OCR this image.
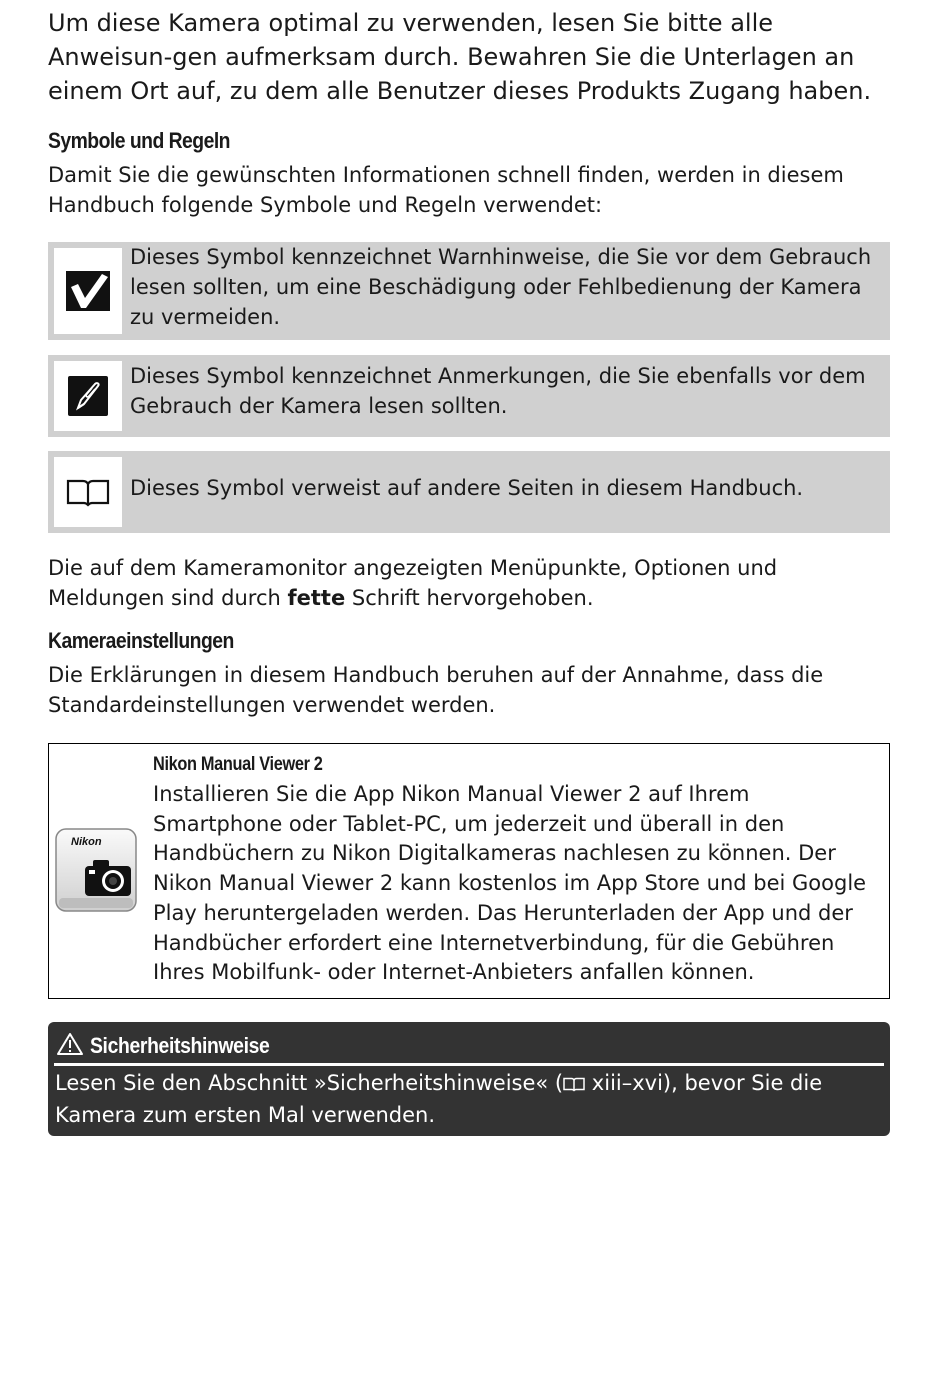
Um diese Kamera optimal zu verwenden, lesen Sie bitte alle Anweisun-gen aufmerksam durch. Bewahren Sie die Unterlagen an einem Ort auf, zu dem alle Benutzer dieses Produkts Zugang haben.

Symbole und Regeln

Damit Sie die gewünschten Informationen schnell finden, werden in diesem Handbuch folgende Symbole und Regeln verwendet:

Dieses Symbol kennzeichnet Warnhinweise, die Sie vor dem Gebrauch lesen sollten, um eine Beschädigung oder Fehlbedienung der Kamera zu vermeiden.

Dieses Symbol kennzeichnet Anmerkungen, die Sie ebenfalls vor dem Gebrauch der Kamera lesen sollten.

Dieses Symbol verweist auf andere Seiten in diesem Handbuch.

Die auf dem Kameramonitor angezeigten Menüpunkte, Optionen und Meldungen sind durch fette Schrift hervorgehoben.

Kameraeinstellungen

Die Erklärungen in diesem Handbuch beruhen auf der Annahme, dass die Standardeinstellungen verwendet werden.

Nikon
Nikon Manual Viewer 2

Installieren Sie die App Nikon Manual Viewer 2 auf Ihrem Smartphone oder Tablet-PC, um jederzeit und überall in den Handbüchern zu Nikon Digitalkameras nachlesen zu können. Der Nikon Manual Viewer 2 kann kostenlos im App Store und bei Google Play heruntergeladen werden. Das Herunterladen der App und der Handbücher erfordert eine Internetverbindung, für die Gebühren Ihres Mobilfunk- oder Internet-Anbieters anfallen können.

Sicherheitshinweise

Lesen Sie den Abschnitt »Sicherheitshinweise« ( xiii–xvi), bevor Sie die Kamera zum ersten Mal verwenden.
